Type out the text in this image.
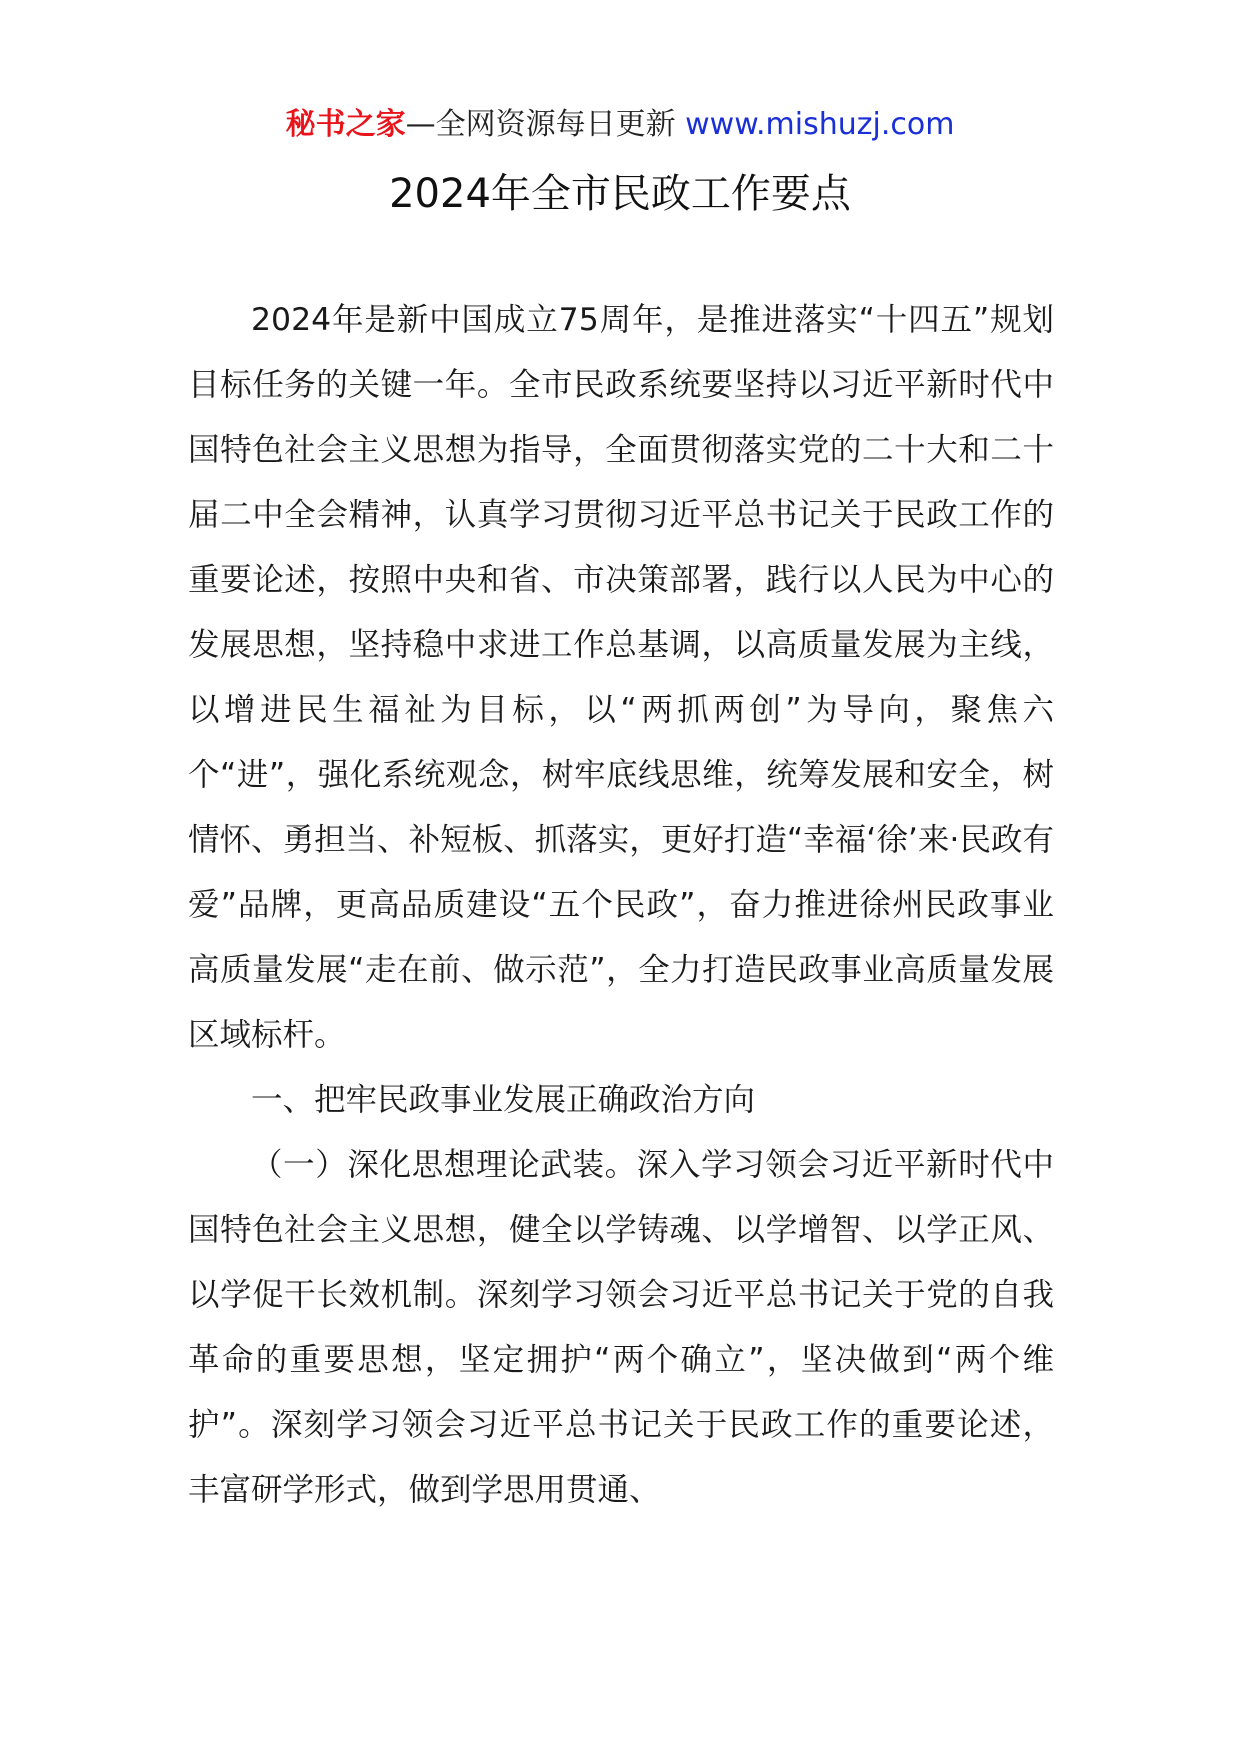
秘书之家—全网资源每日更新 www.mishuzj.com
2024年全市民政工作要点

2024年是新中国成立75周年，是推进落实“十四五”规划目标任务的关键一年。全市民政系统要坚持以习近平新时代中国特色社会主义思想为指导，全面贯彻落实党的二十大和二十届二中全会精神，认真学习贯彻习近平总书记关于民政工作的重要论述，按照中央和省、市决策部署，践行以人民为中心的发展思想，坚持稳中求进工作总基调，以高质量发展为主线，以增进民生福祉为目标，以“两抓两创”为导向，聚焦六个“进”，强化系统观念，树牢底线思维，统筹发展和安全，树情怀、勇担当、补短板、抓落实，更好打造“幸福‘徐’来·民政有爱”品牌，更高品质建设“五个民政”，奋力推进徐州民政事业高质量发展“走在前、做示范”，全力打造民政事业高质量发展区域标杆。

一、把牢民政事业发展正确政治方向

（一）深化思想理论武装。深入学习领会习近平新时代中国特色社会主义思想，健全以学铸魂、以学增智、以学正风、以学促干长效机制。深刻学习领会习近平总书记关于党的自我革命的重要思想，坚定拥护“两个确立”，坚决做到“两个维护”。深刻学习领会习近平总书记关于民政工作的重要论述，丰富研学形式，做到学思用贯通、
